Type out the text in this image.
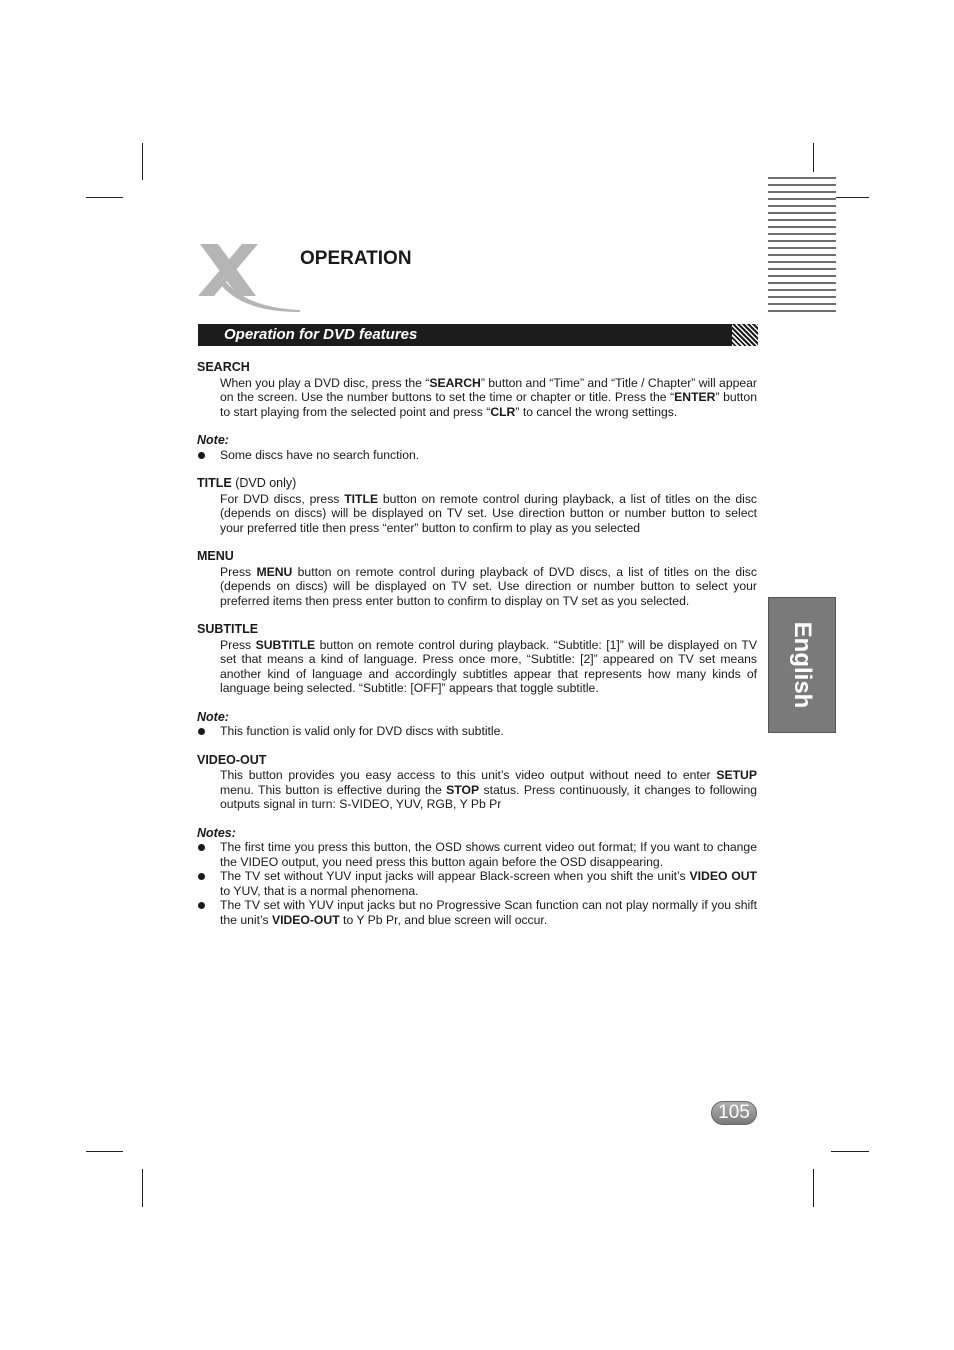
OPERATION
Operation for DVD features
English

SEARCH

When you play a DVD disc, press the “SEARCH” button and “Time” and “Title / Chapter” will appear on the screen. Use the number buttons to set the time or chapter or title. Press the “ENTER” button to start playing from the selected point and press “CLR” to cancel the wrong settings.

Note:

Some discs have no search function.

TITLE (DVD only)

For DVD discs, press TITLE button on remote control during playback, a list of titles on the disc (depends on discs) will be displayed on TV set. Use direction button or number button to select your preferred title then press “enter” button to confirm to play as you selected

MENU

Press MENU button on remote control during playback of DVD discs, a list of titles on the disc (depends on discs) will be displayed on TV set. Use direction or number button to select your preferred items then press enter button to confirm to display on TV set as you selected.

SUBTITLE

Press SUBTITLE button on remote control during playback. “Subtitle: [1]” will be displayed on TV set that means a kind of language. Press once more, “Subtitle: [2]” appeared on TV set means another kind of language and accordingly subtitles appear that represents how many kinds of language being selected. “Subtitle: [OFF]” appears that toggle subtitle.

Note:

This function is valid only for DVD discs with subtitle.

VIDEO-OUT

This button provides you easy access to this unit’s video output without need to enter SETUP menu. This button is effective during the STOP status. Press continuously, it changes to following outputs signal in turn: S-VIDEO, YUV, RGB, Y Pb Pr

Notes:

The first time you press this button, the OSD shows current video out format; If you want to change the VIDEO output, you need press this button again before the OSD disappearing.
The TV set without YUV input jacks will appear Black-screen when you shift the unit’s VIDEO OUT to YUV, that is a normal phenomena.
The TV set with YUV input jacks but no Progressive Scan function can not play normally if you shift the unit’s VIDEO-OUT to Y Pb Pr, and blue screen will occur.
105
